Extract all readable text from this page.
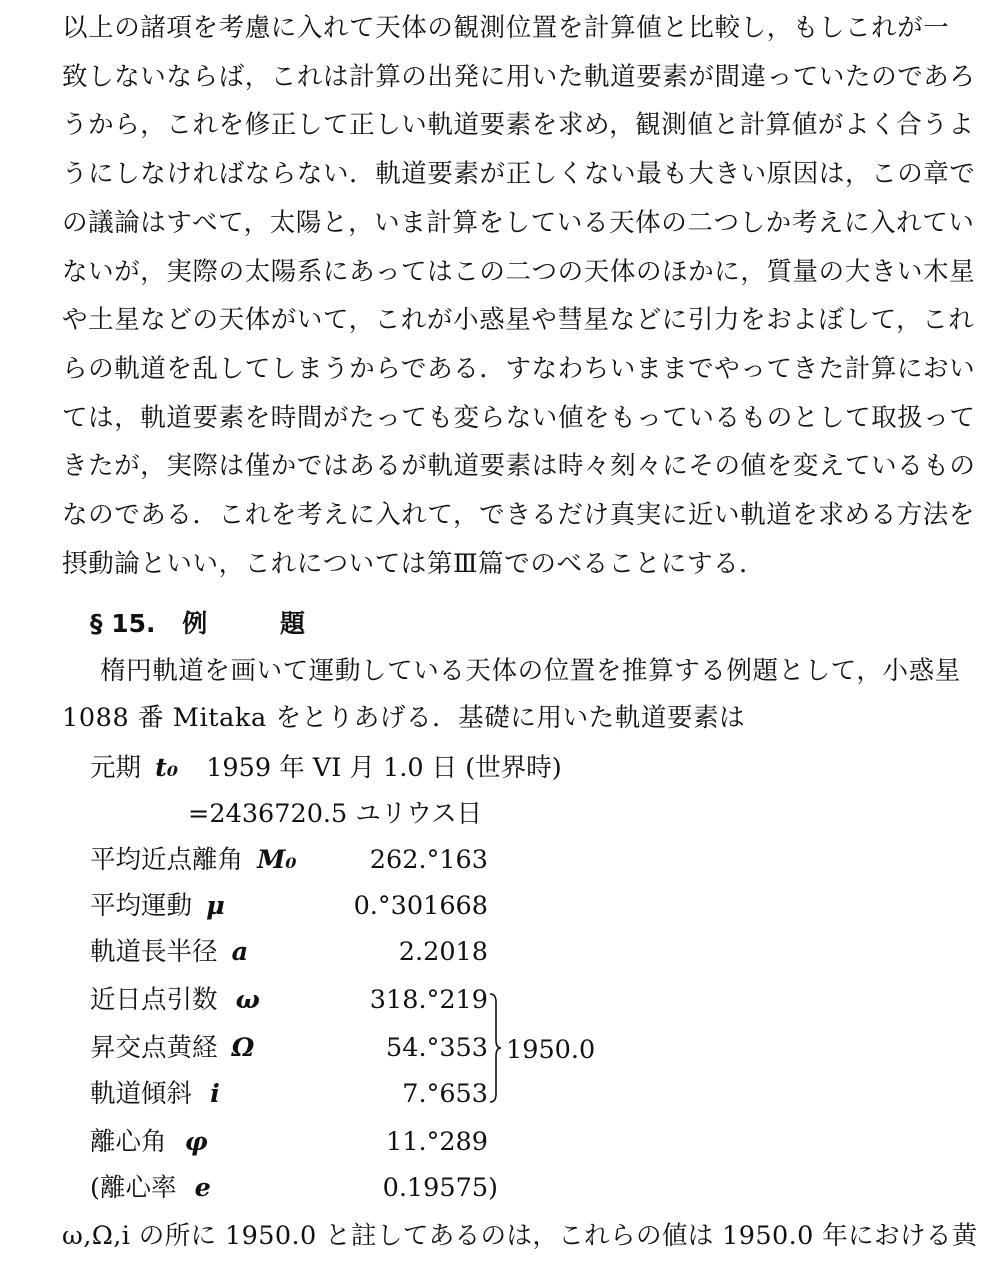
以上の諸項を考慮に入れて天体の観測位置を計算値と比較し，もしこれが一
致しないならば，これは計算の出発に用いた軌道要素が間違っていたのであろ
うから，これを修正して正しい軌道要素を求め，観測値と計算値がよく合うよ
うにしなければならない．軌道要素が正しくない最も大きい原因は，この章で
の議論はすべて，太陽と，いま計算をしている天体の二つしか考えに入れてい
ないが，実際の太陽系にあってはこの二つの天体のほかに，質量の大きい木星
や土星などの天体がいて，これが小惑星や彗星などに引力をおよぼして，これ
らの軌道を乱してしまうからである．すなわちいままでやってきた計算におい
ては，軌道要素を時間がたっても変らない値をもっているものとして取扱って
きたが，実際は僅かではあるが軌道要素は時々刻々にその値を変えているもの
なのである．これを考えに入れて，できるだけ真実に近い軌道を求める方法を
摂動論といい，これについては第Ⅲ篇でのべることにする．
§ 15. 例	題
楕円軌道を画いて運動している天体の位置を推算する例題として，小惑星
1088 番 Mitaka をとりあげる．基礎に用いた軌道要素は
元期 t₀ 1959 年 VI 月 1.0 日 (世界時)
=2436720.5 ユリウス日
平均近点離角 M₀	262.°163
平均運動 μ	0.°301668
軌道長半径 a	2.2018
近日点引数 ω	318.°219
昇交点黄経 Ω	54.°353
軌道傾斜 i	7.°653
1950.0
離心角 φ	11.°289
(離心率 e	0.19575)
ω,Ω,i の所に 1950.0 と註してあるのは，これらの値は 1950.0 年における黄
